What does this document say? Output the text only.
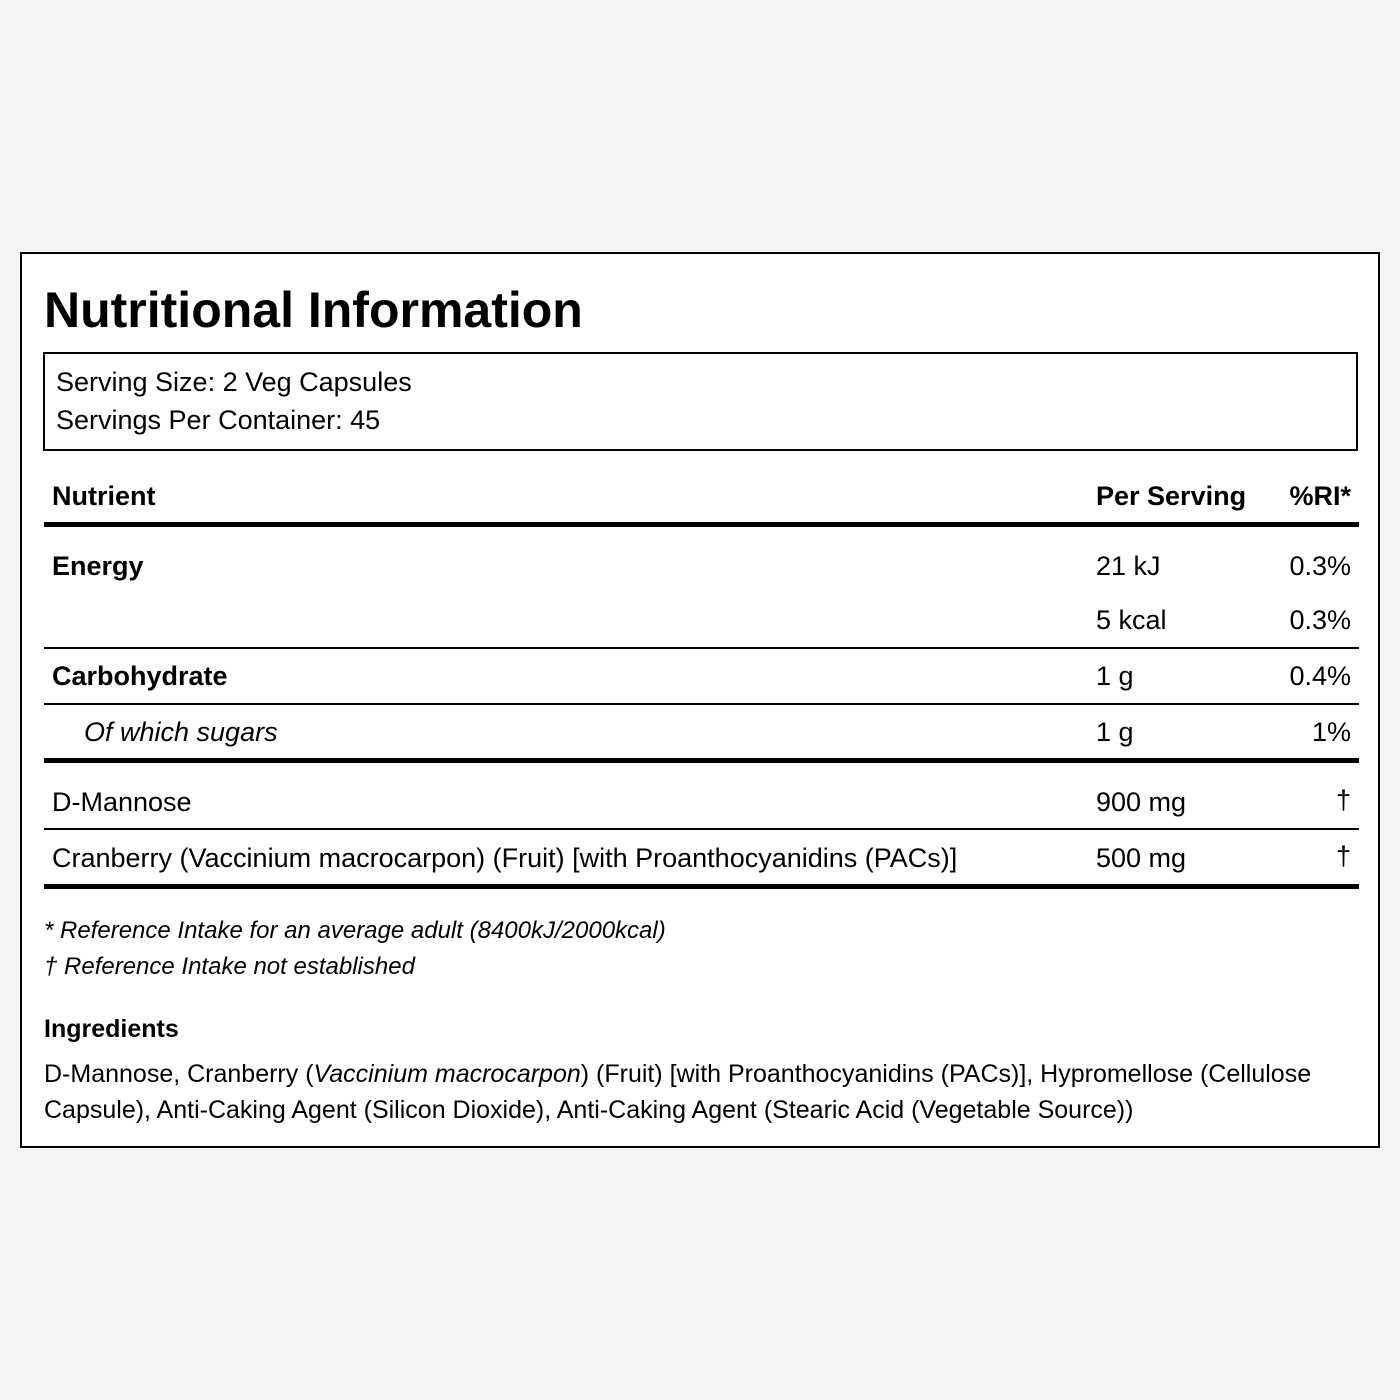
Nutritional Information
Serving Size: 2 Veg Capsules
Servings Per Container: 45
Nutrient	Per Serving	%RI*
Energy	21 kJ	0.3%
5 kcal	0.3%
Carbohydrate	1 g	0.4%
Of which sugars	1 g	1%
D-Mannose	900 mg	†
Cranberry (Vaccinium macrocarpon) (Fruit) [with Proanthocyanidins (PACs)]	500 mg	†
* Reference Intake for an average adult (8400kJ/2000kcal)
† Reference Intake not established
Ingredients
D-Mannose, Cranberry (Vaccinium macrocarpon) (Fruit) [with Proanthocyanidins (PACs)], Hypromellose (Cellulose Capsule), Anti-Caking Agent (Silicon Dioxide), Anti-Caking Agent (Stearic Acid (Vegetable Source))
